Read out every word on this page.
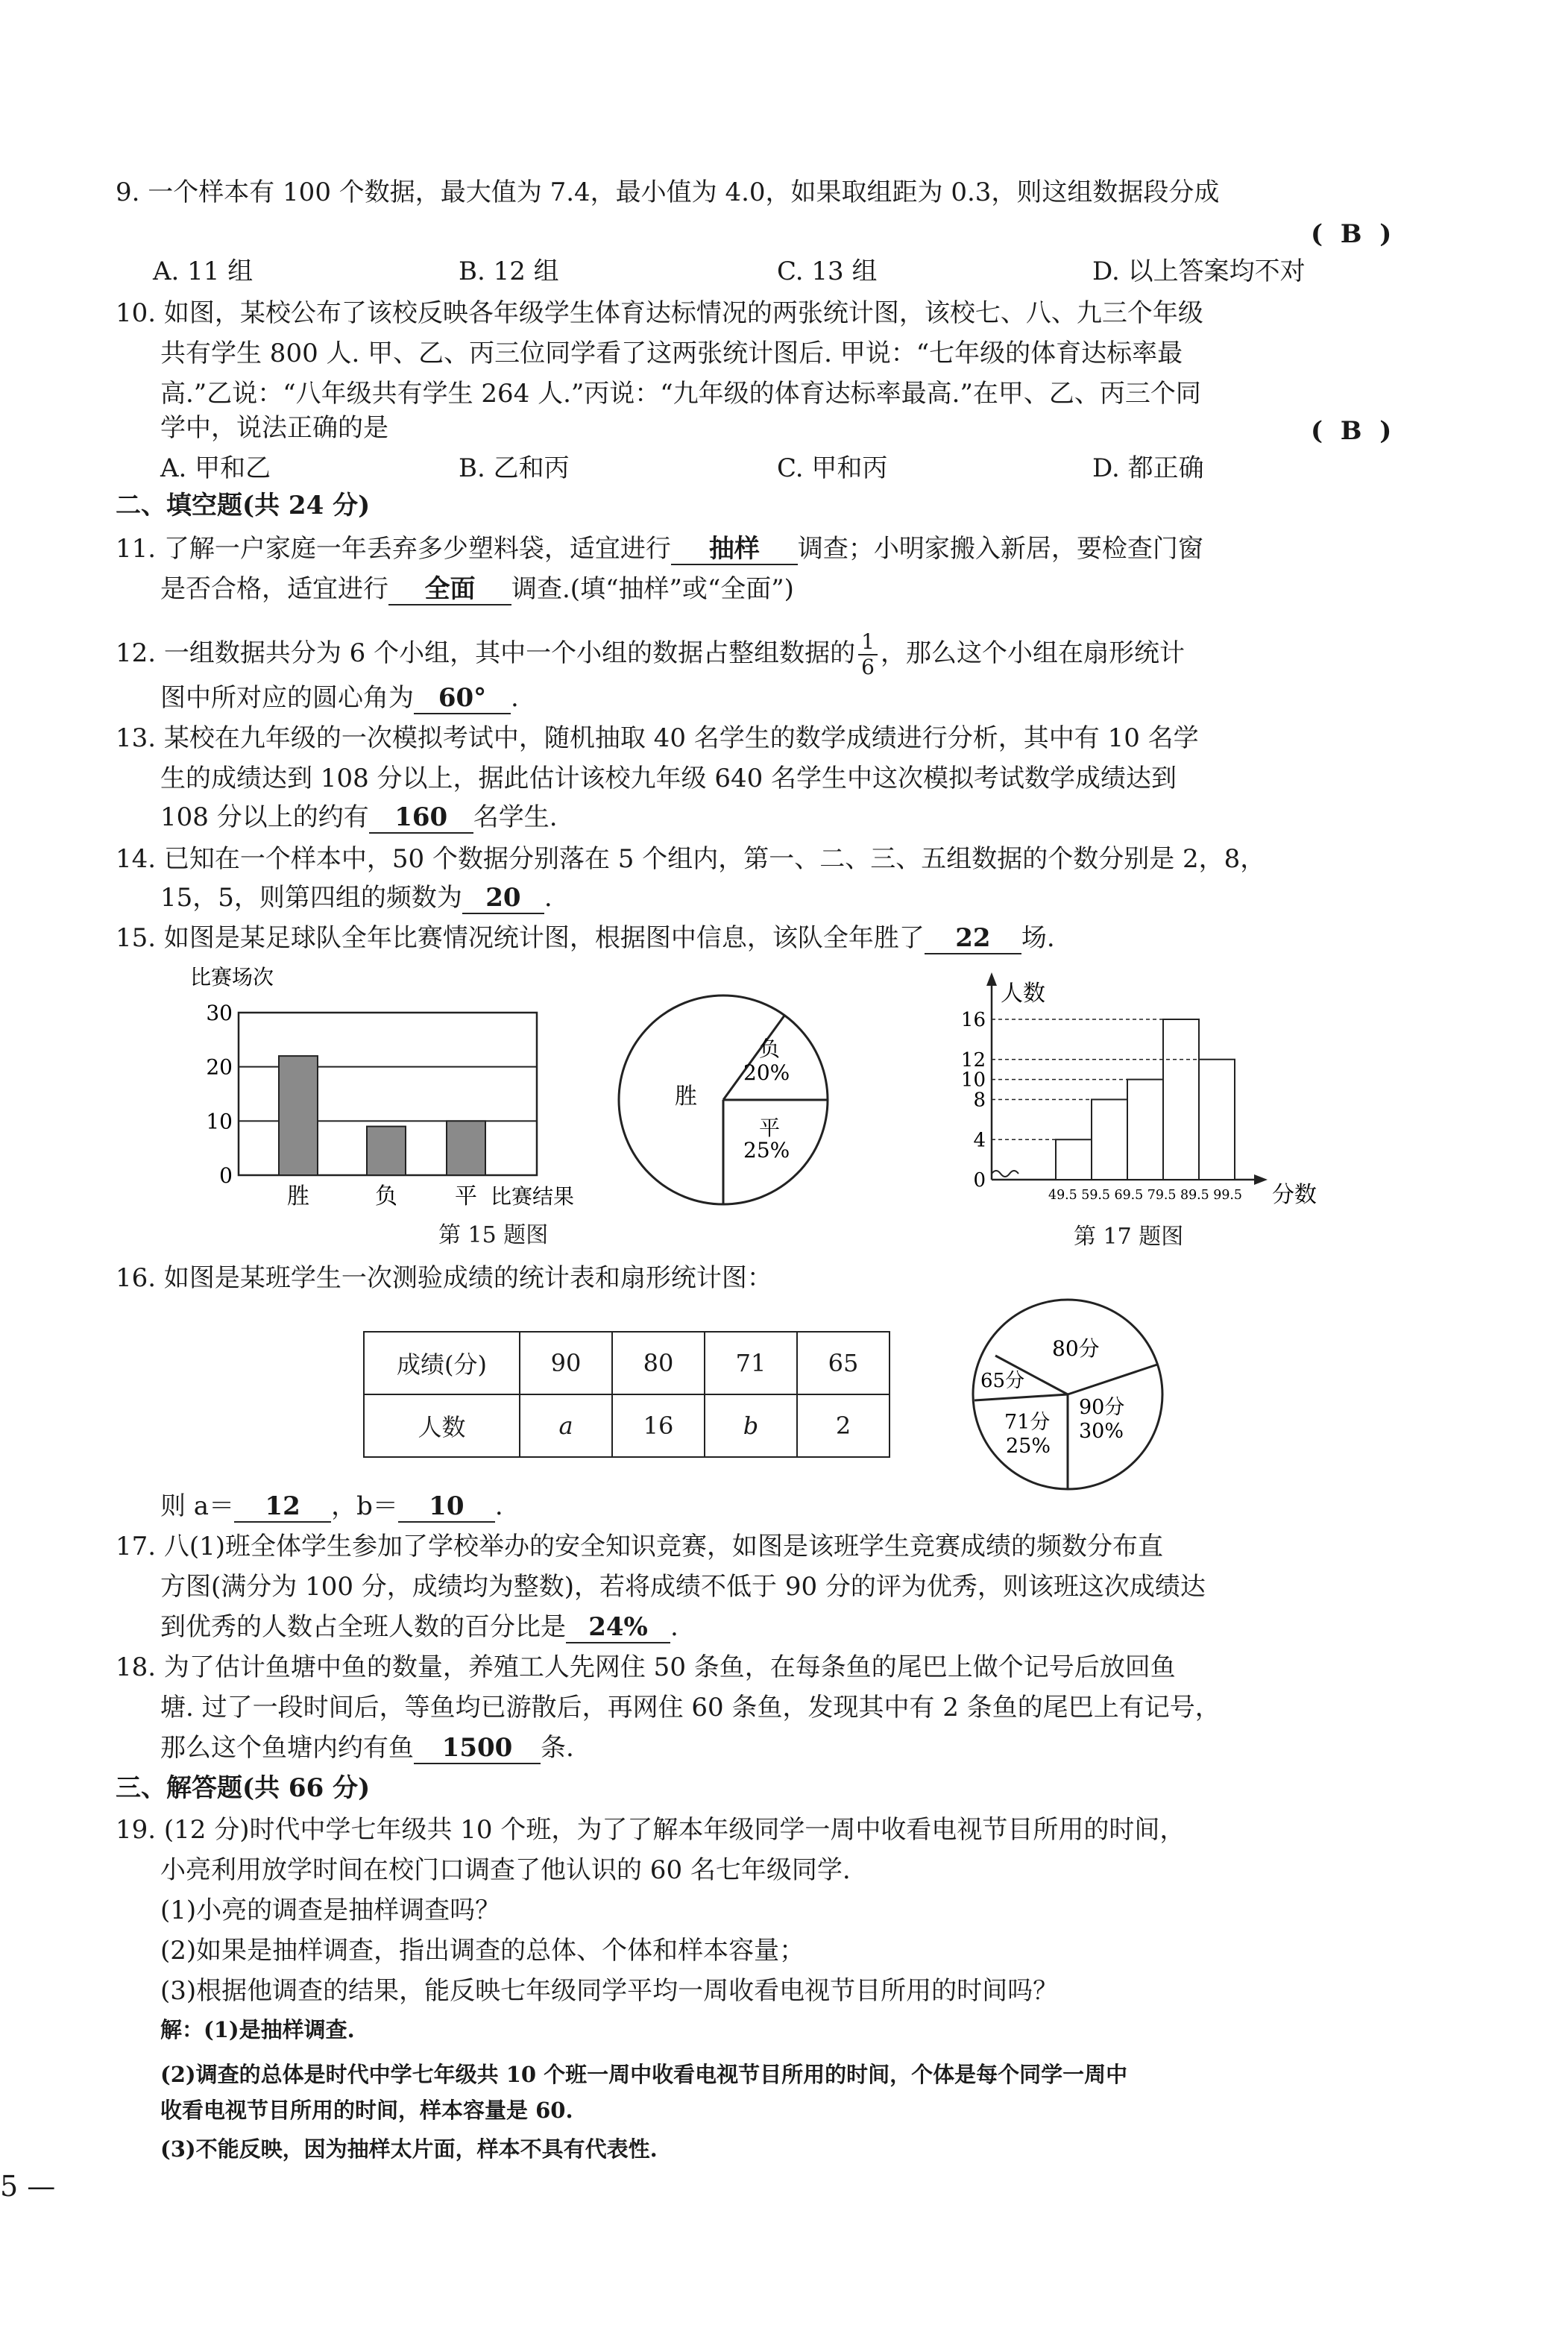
9. 一个样本有 100 个数据，最大值为 7.4，最小值为 4.0，如果取组距为 0.3，则这组数据段分成
(  B  )
A. 11 组	B. 12 组	C. 13 组	D. 以上答案均不对
10. 如图，某校公布了该校反映各年级学生体育达标情况的两张统计图，该校七、八、九三个年级
共有学生 800 人. 甲、乙、丙三位同学看了这两张统计图后. 甲说：“七年级的体育达标率最
高.”乙说：“八年级共有学生 264 人.”丙说：“九年级的体育达标率最高.”在甲、乙、丙三个同
学中，说法正确的是	(  B  )
A. 甲和乙	B. 乙和丙	C. 甲和丙	D. 都正确
二、填空题(共 24 分)
11. 了解一户家庭一年丢弃多少塑料袋，适宜进行 抽样 调查；小明家搬入新居，要检查门窗
是否合格，适宜进行 全面 调查.(填“抽样”或“全面”)
12. 一组数据共分为 6 个小组，其中一个小组的数据占整组数据的 $\frac{1}{6}$ ，那么这个小组在扇形统计
图中所对应的圆心角为 60° .
13. 某校在九年级的一次模拟考试中，随机抽取 40 名学生的数学成绩进行分析，其中有 10 名学
生的成绩达到 108 分以上，据此估计该校九年级 640 名学生中这次模拟考试数学成绩达到
108 分以上的约有 160 名学生.
14. 已知在一个样本中，50 个数据分别落在 5 个组内，第一、二、三、五组数据的个数分别是 2，8，
15，5，则第四组的频数为 20 .
15. 如图是某足球队全年比赛情况统计图，根据图中信息，该队全年胜了 22 场.
比赛场次
0
10
20
30
胜	负	平 比赛结果
胜
负
20%
平
25%
第 15 题图
人数
分数
0
4
8
10
12
16
49.5 59.5 69.5 79.5 89.5 99.5
第 17 题图
16. 如图是某班学生一次测验成绩的统计表和扇形统计图：
成绩(分)	90	80	71	65
人数	a	16	b	2
80分
65分
71分
25%
90分
30%
则 a＝ 12 ，b＝ 10 .
17. 八(1)班全体学生参加了学校举办的安全知识竞赛，如图是该班学生竞赛成绩的频数分布直
方图(满分为 100 分，成绩均为整数)，若将成绩不低于 90 分的评为优秀，则该班这次成绩达
到优秀的人数占全班人数的百分比是 24% .
18. 为了估计鱼塘中鱼的数量，养殖工人先网住 50 条鱼，在每条鱼的尾巴上做个记号后放回鱼
塘. 过了一段时间后，等鱼均已游散后，再网住 60 条鱼，发现其中有 2 条鱼的尾巴上有记号，
那么这个鱼塘内约有鱼 1500 条.
三、解答题(共 66 分)
19. (12 分)时代中学七年级共 10 个班，为了了解本年级同学一周中收看电视节目所用的时间，
小亮利用放学时间在校门口调查了他认识的 60 名七年级同学.
(1)小亮的调查是抽样调查吗？
(2)如果是抽样调查，指出调查的总体、个体和样本容量；
(3)根据他调查的结果，能反映七年级同学平均一周收看电视节目所用的时间吗？
解：(1)是抽样调查.
(2)调查的总体是时代中学七年级共 10 个班一周中收看电视节目所用的时间，个体是每个同学一周中
收看电视节目所用的时间，样本容量是 60.
(3)不能反映，因为抽样太片面，样本不具有代表性.
5 —
